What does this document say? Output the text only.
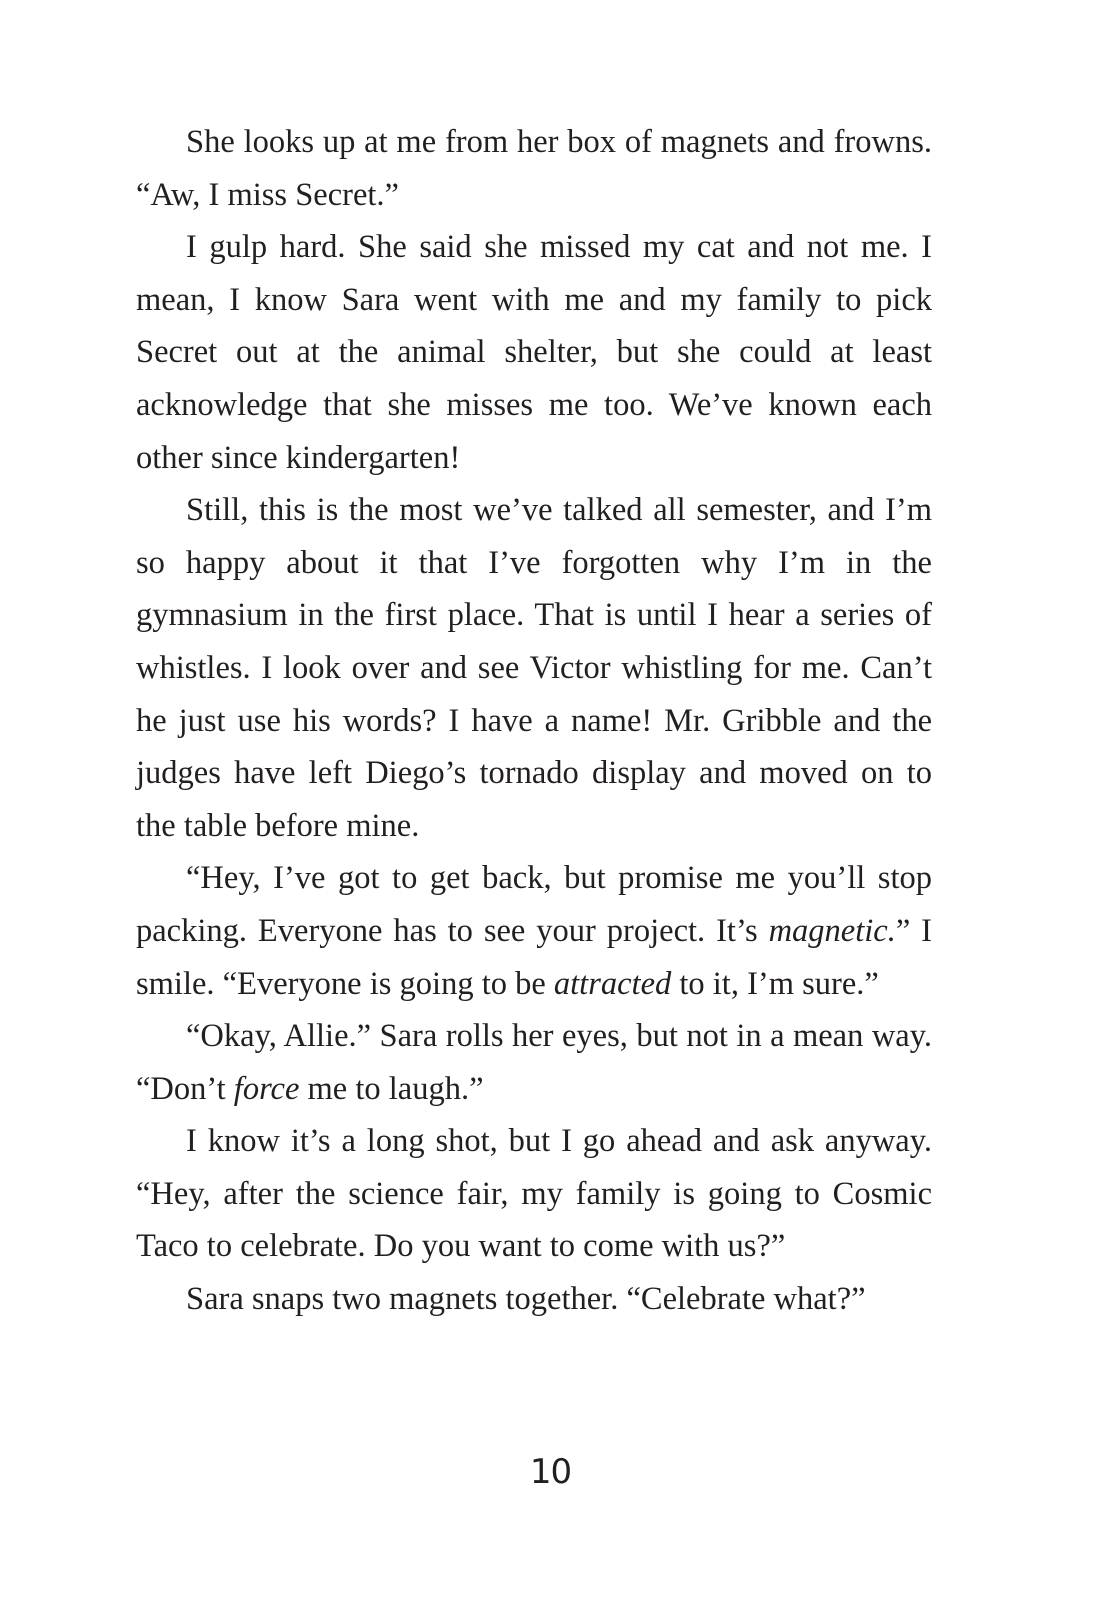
She looks up at me from her box of magnets and frowns. “Aw, I miss Secret.”

I gulp hard. She said she missed my cat and not me. I mean, I know Sara went with me and my family to pick Secret out at the animal shelter, but she could at least acknowledge that she misses me too. We’ve known each other since kindergarten!

Still, this is the most we’ve talked all semester, and I’m so happy about it that I’ve forgotten why I’m in the gymnasium in the first place. That is until I hear a series of whistles. I look over and see Victor whistling for me. Can’t he just use his words? I have a name! Mr. Gribble and the judges have left Diego’s tornado display and moved on to the table before mine.

“Hey, I’ve got to get back, but promise me you’ll stop packing. Everyone has to see your project. It’s magnetic.” I smile. “Everyone is going to be attracted to it, I’m sure.”

“Okay, Allie.” Sara rolls her eyes, but not in a mean way. “Don’t force me to laugh.”

I know it’s a long shot, but I go ahead and ask anyway. “Hey, after the science fair, my family is going to Cosmic Taco to celebrate. Do you want to come with us?”

Sara snaps two magnets together. “Celebrate what?”

10
